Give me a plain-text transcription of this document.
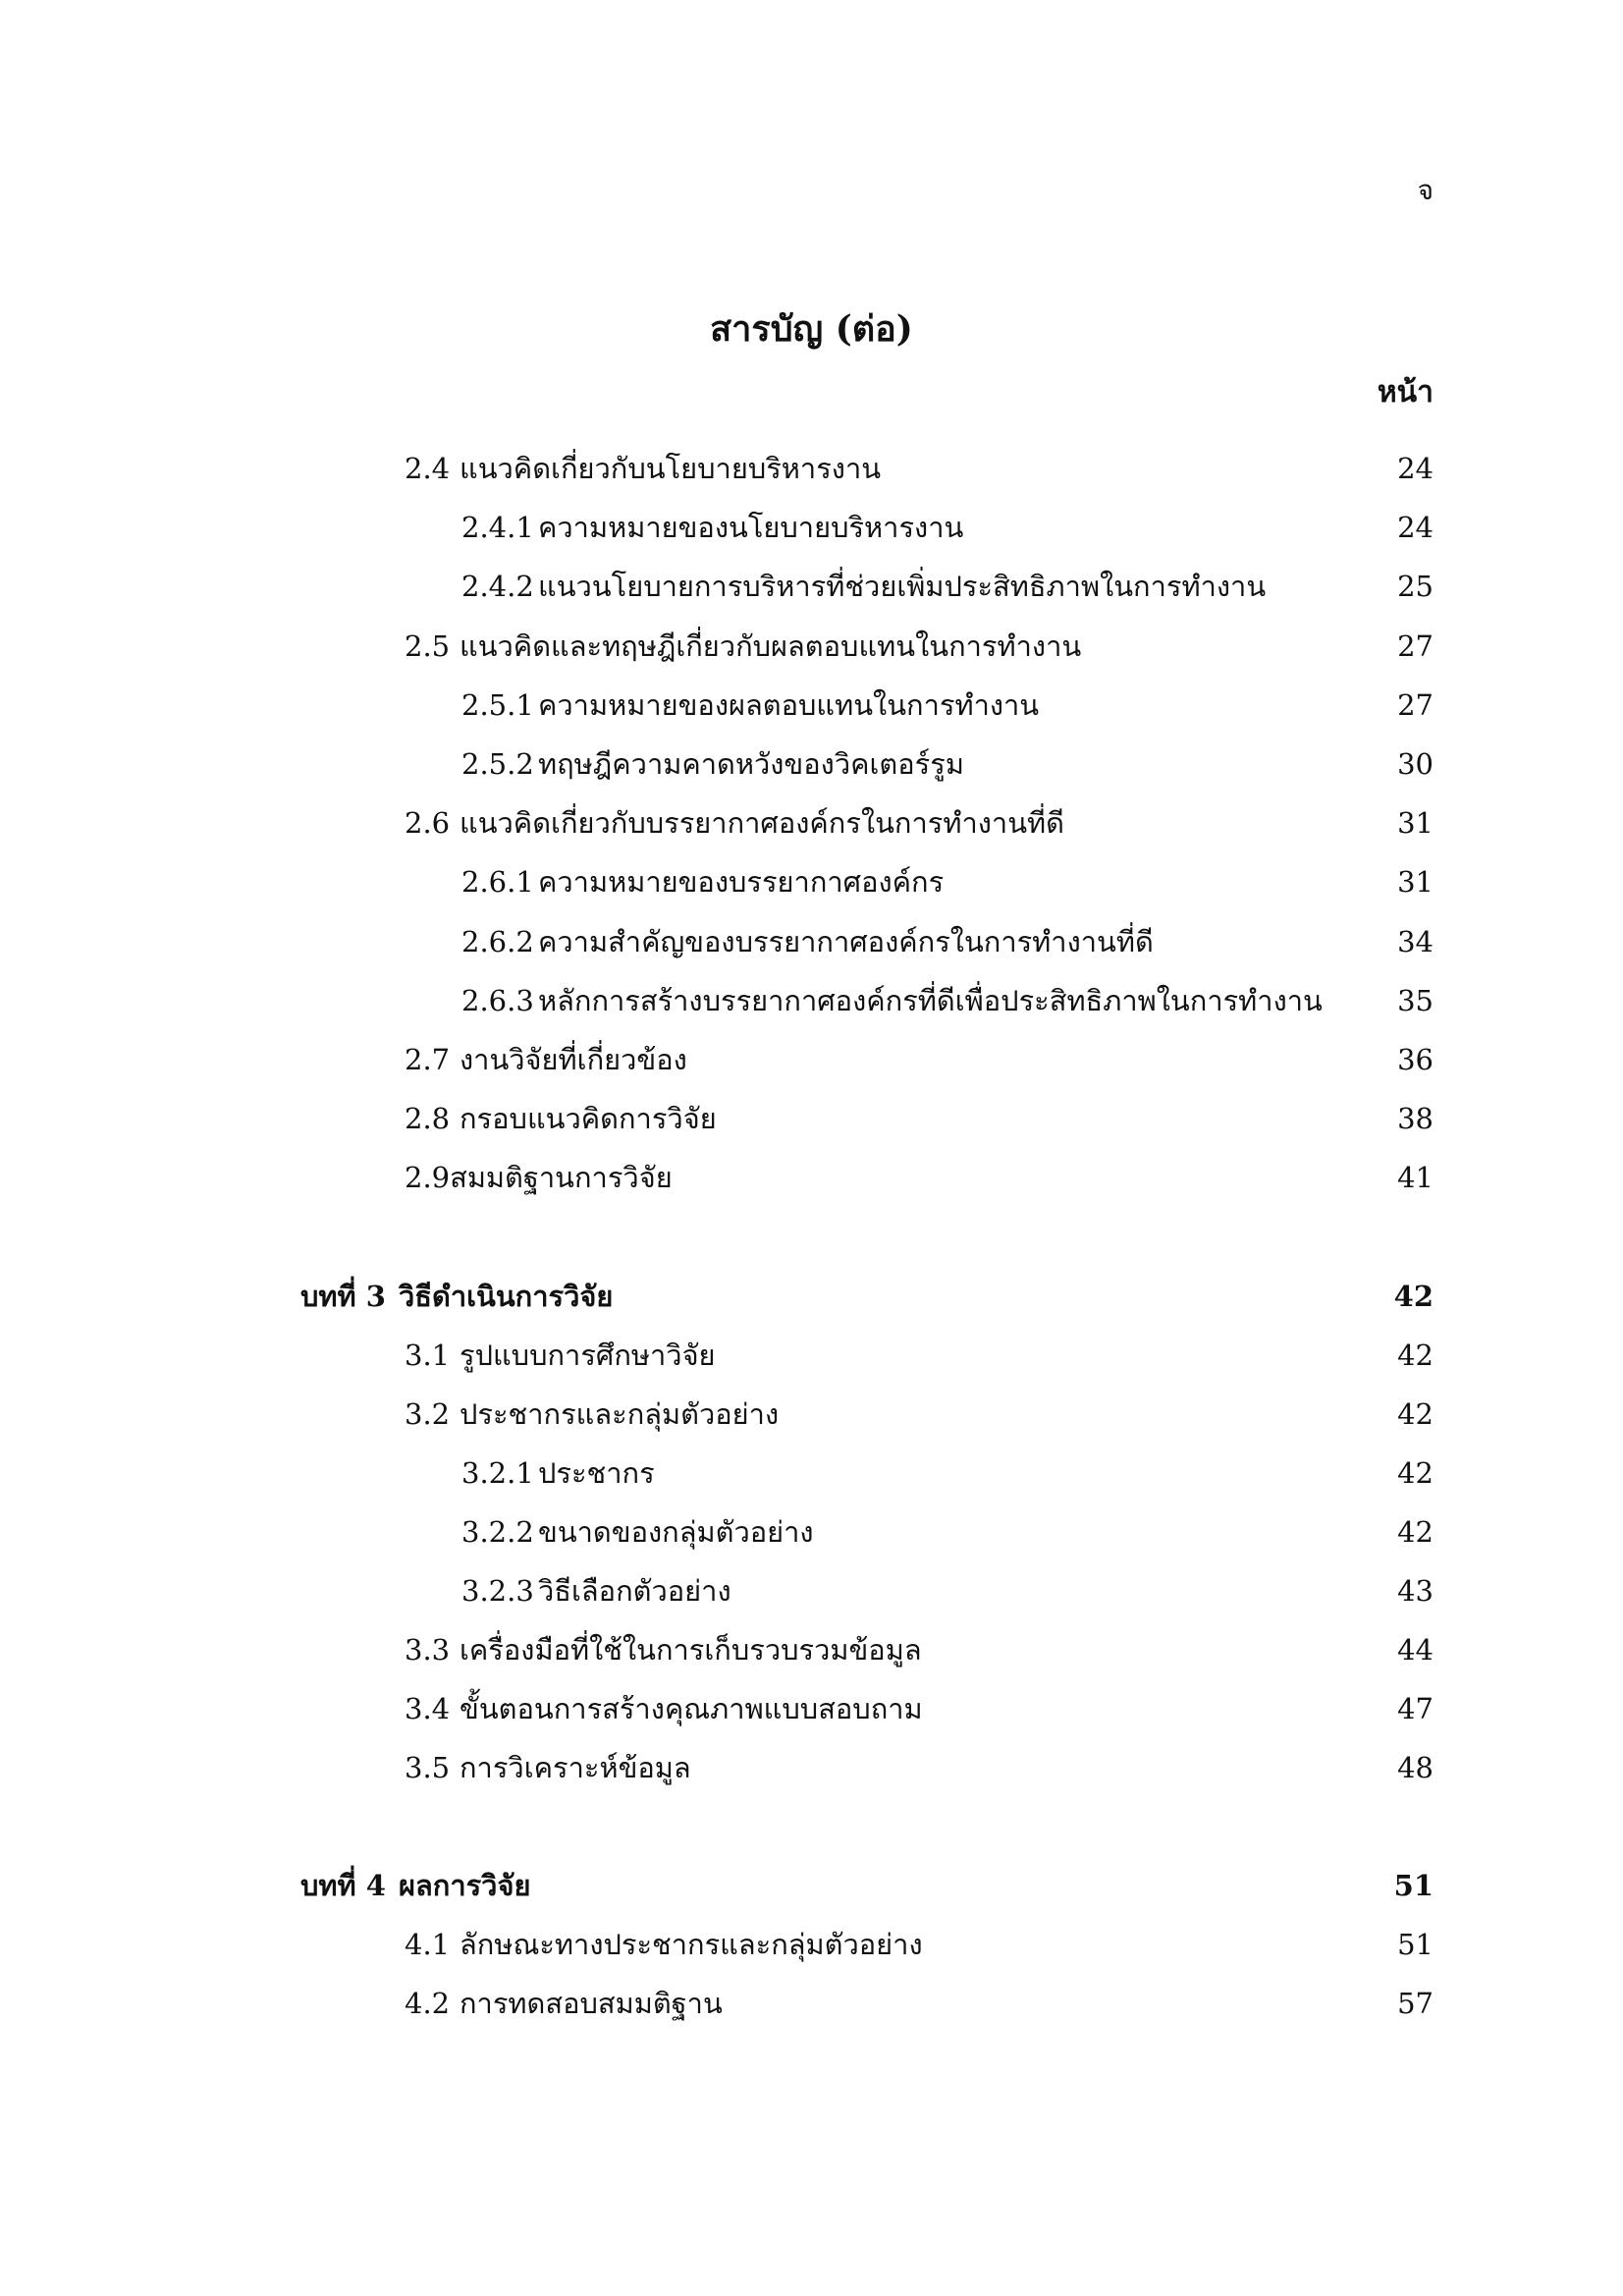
จ
สารบัญ (ต่อ)
หน้า
2.4 แนวคิดเกี่ยวกับนโยบายบริหารงาน	24
2.4.1 ความหมายของนโยบายบริหารงาน	24
2.4.2 แนวนโยบายการบริหารที่ช่วยเพิ่มประสิทธิภาพในการทำงาน	25
2.5 แนวคิดและทฤษฎีเกี่ยวกับผลตอบแทนในการทำงาน	27
2.5.1 ความหมายของผลตอบแทนในการทำงาน	27
2.5.2 ทฤษฎีความคาดหวังของวิคเตอร์รูม	30
2.6 แนวคิดเกี่ยวกับบรรยากาศองค์กรในการทำงานที่ดี	31
2.6.1 ความหมายของบรรยากาศองค์กร	31
2.6.2 ความสำคัญของบรรยากาศองค์กรในการทำงานที่ดี	34
2.6.3 หลักการสร้างบรรยากาศองค์กรที่ดีเพื่อประสิทธิภาพในการทำงาน	35
2.7 งานวิจัยที่เกี่ยวข้อง	36
2.8 กรอบแนวคิดการวิจัย	38
2.9สมมติฐานการวิจัย	41
บทที่ 3 วิธีดำเนินการวิจัย	42
3.1 รูปแบบการศึกษาวิจัย	42
3.2 ประชากรและกลุ่มตัวอย่าง	42
3.2.1 ประชากร	42
3.2.2 ขนาดของกลุ่มตัวอย่าง	42
3.2.3 วิธีเลือกตัวอย่าง	43
3.3 เครื่องมือที่ใช้ในการเก็บรวบรวมข้อมูล	44
3.4 ขั้นตอนการสร้างคุณภาพแบบสอบถาม	47
3.5 การวิเคราะห์ข้อมูล	48
บทที่ 4 ผลการวิจัย	51
4.1 ลักษณะทางประชากรและกลุ่มตัวอย่าง	51
4.2 การทดสอบสมมติฐาน	57
